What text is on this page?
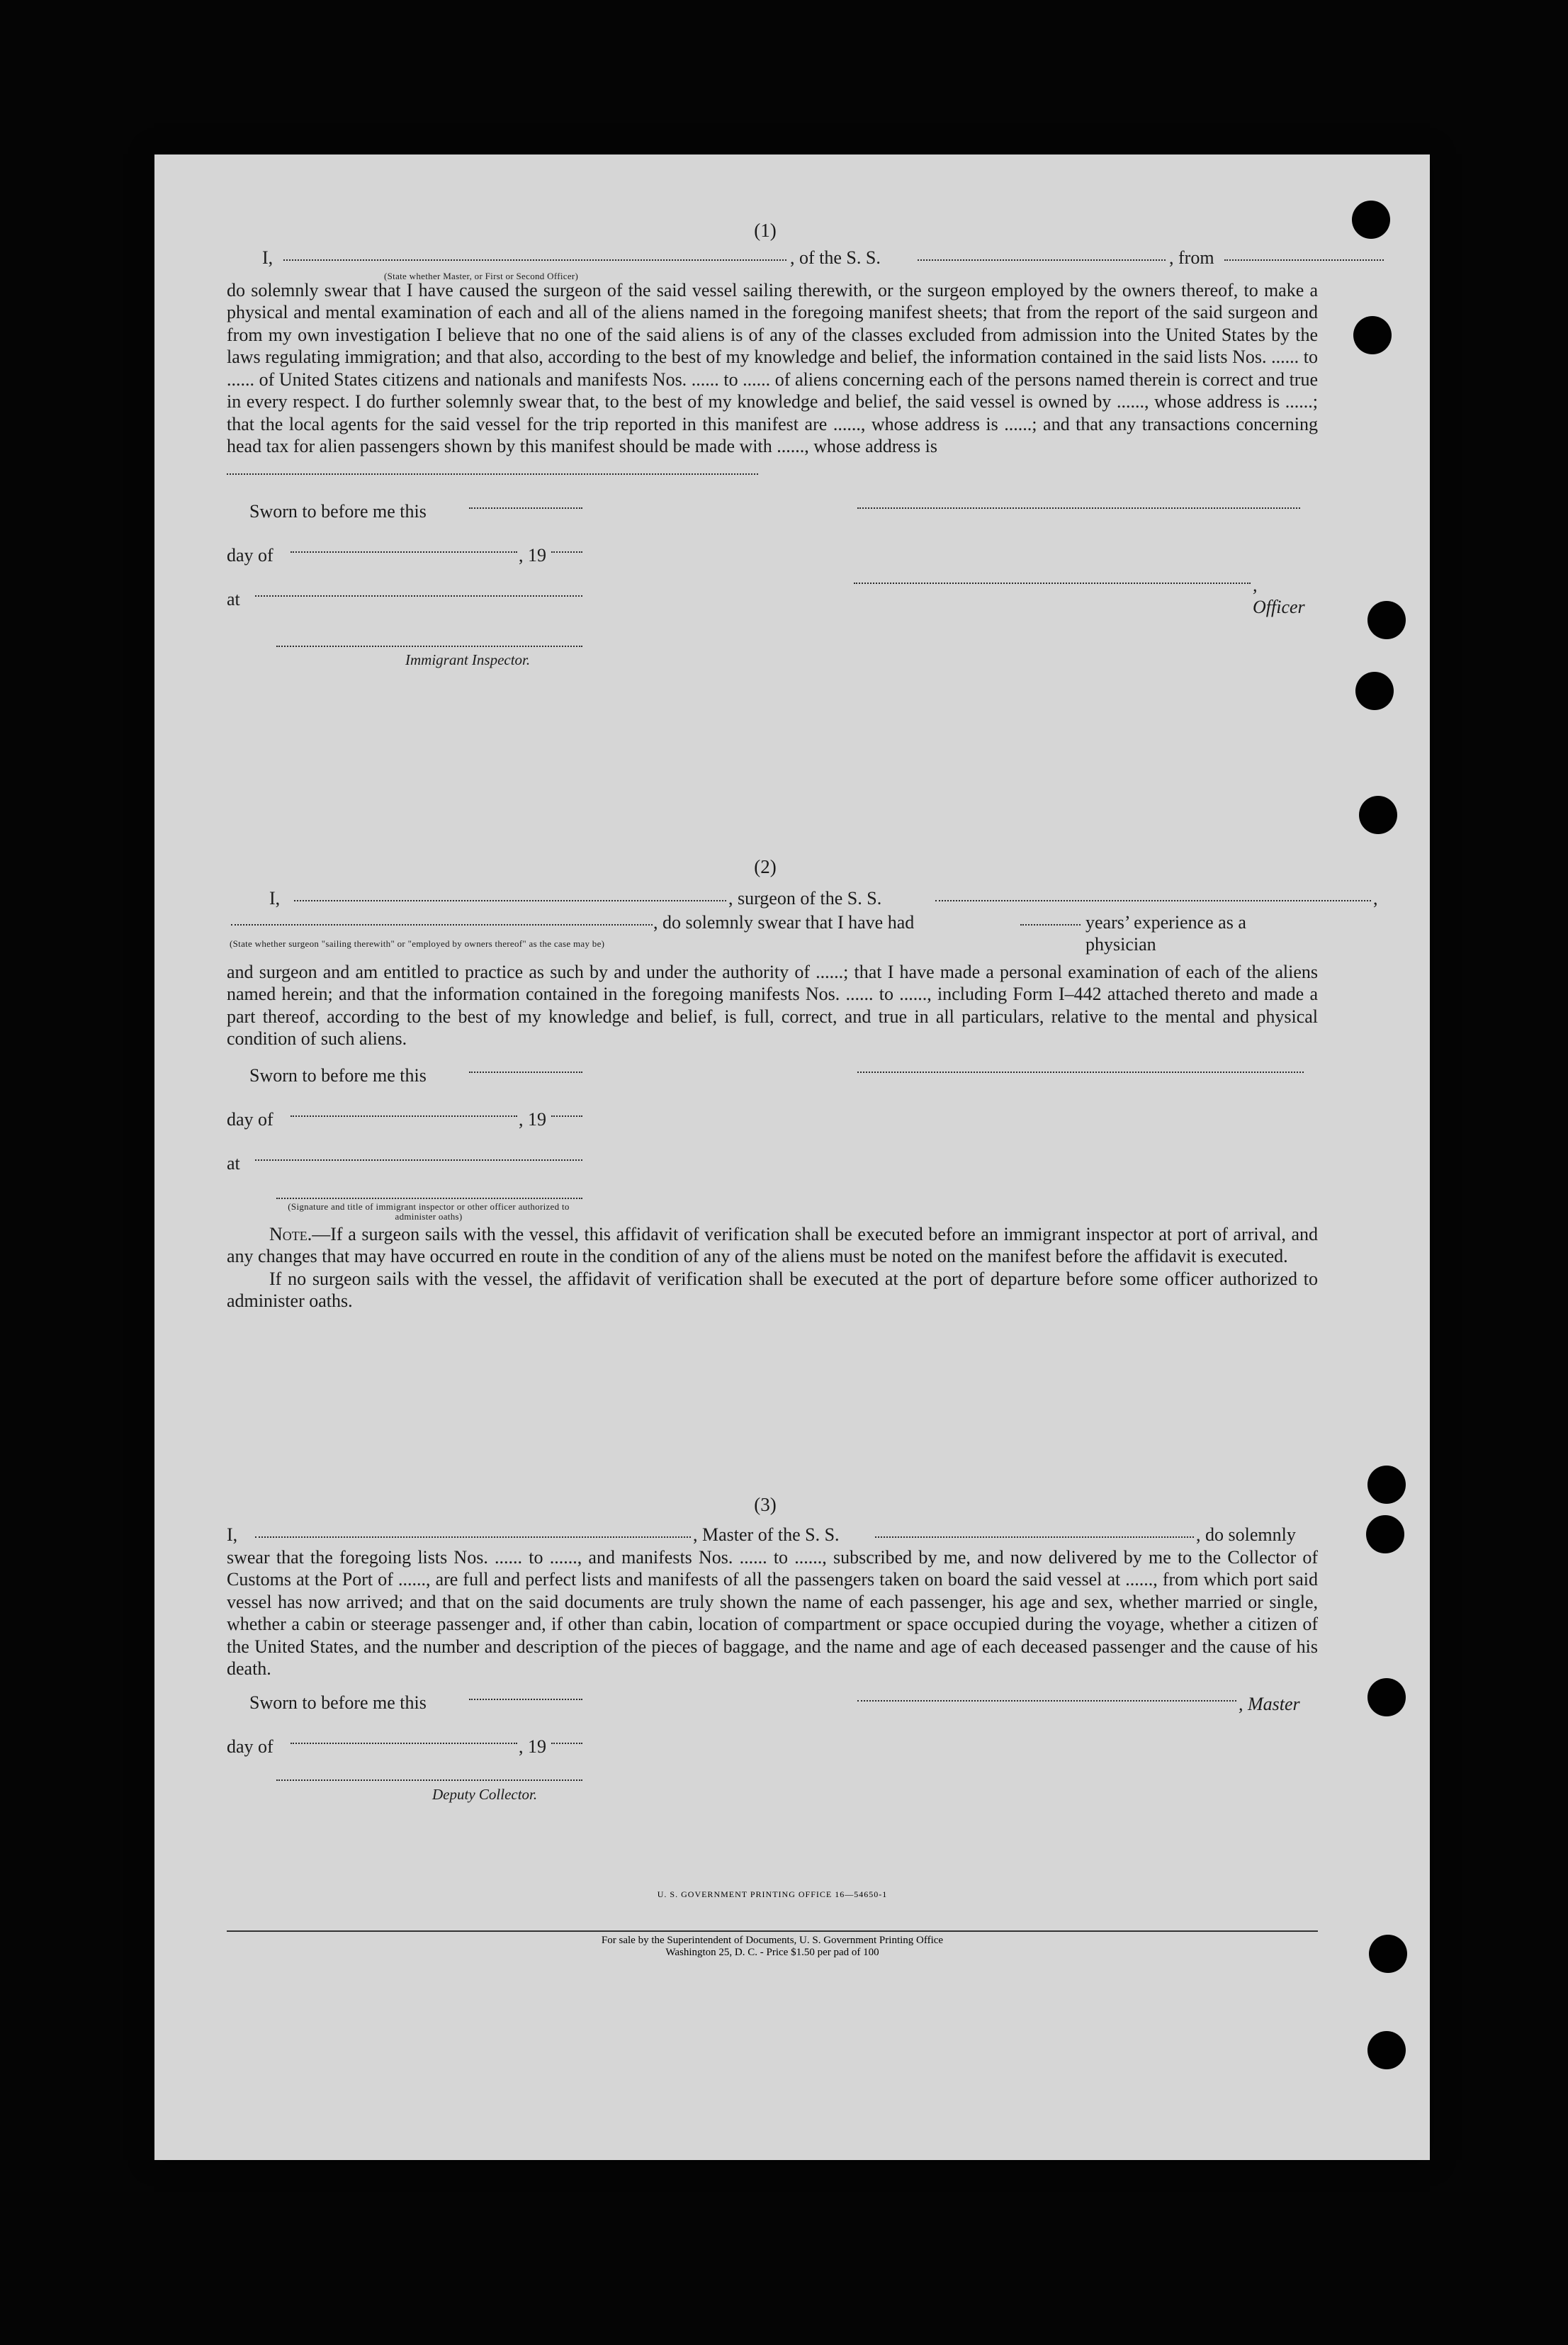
(1)

I,	, of the S. S.	, from
(State whether Master, or First or Second Officer)

do solemnly swear that I have caused the surgeon of the said vessel sailing therewith, or the surgeon employed by the owners thereof, to make a physical and mental examination of each and all of the aliens named in the foregoing manifest sheets; that from the report of the said surgeon and from my own investigation I believe that no one of the said aliens is of any of the classes excluded from admission into the United States by the laws regulating immigration; and that also, according to the best of my knowledge and belief, the information contained in the said lists Nos. ...... to ...... of United States citizens and nationals and manifests Nos. ...... to ...... of aliens concerning each of the persons named therein is correct and true in every respect. I do further solemnly swear that, to the best of my knowledge and belief, the said vessel is owned by ......, whose address is ......; that the local agents for the said vessel for the trip reported in this manifest are ......, whose address is ......; and that any transactions concerning head tax for alien passengers shown by this manifest should be made with ......, whose address is

Sworn to before me this
day of	, 19
, Officer
at
Immigrant Inspector.

(2)

I,	, surgeon of the S. S.	,
, do solemnly swear that I have had	years’ experience as a physician
(State whether surgeon "sailing therewith" or "employed by owners thereof" as the case may be)

and surgeon and am entitled to practice as such by and under the authority of ......; that I have made a personal examination of each of the aliens named herein; and that the information contained in the foregoing manifests Nos. ...... to ......, including Form I–442 attached thereto and made a part thereof, according to the best of my knowledge and belief, is full, correct, and true in all particulars, relative to the mental and physical condition of such aliens.

Sworn to before me this
day of	, 19
at
(Signature and title of immigrant inspector or other officer authorized to administer oaths)

Note.—If a surgeon sails with the vessel, this affidavit of verification shall be executed before an immigrant inspector at port of arrival, and any changes that may have occurred en route in the condition of any of the aliens must be noted on the manifest before the affidavit is executed.

If no surgeon sails with the vessel, the affidavit of verification shall be executed at the port of departure before some officer authorized to administer oaths.

(3)

I,	, Master of the S. S.	, do solemnly

swear that the foregoing lists Nos. ...... to ......, and manifests Nos. ...... to ......, subscribed by me, and now delivered by me to the Collector of Customs at the Port of ......, are full and perfect lists and manifests of all the passengers taken on board the said vessel at ......, from which port said vessel has now arrived; and that on the said documents are truly shown the name of each passenger, his age and sex, whether married or single, whether a cabin or steerage passenger and, if other than cabin, location of compartment or space occupied during the voyage, whether a citizen of the United States, and the number and description of the pieces of baggage, and the name and age of each deceased passenger and the cause of his death.

Sworn to before me this	, Master
day of	, 19
Deputy Collector.
U. S. GOVERNMENT PRINTING OFFICE 16—54650-1
For sale by the Superintendent of Documents, U. S. Government Printing Office
Washington 25, D. C. - Price $1.50 per pad of 100
